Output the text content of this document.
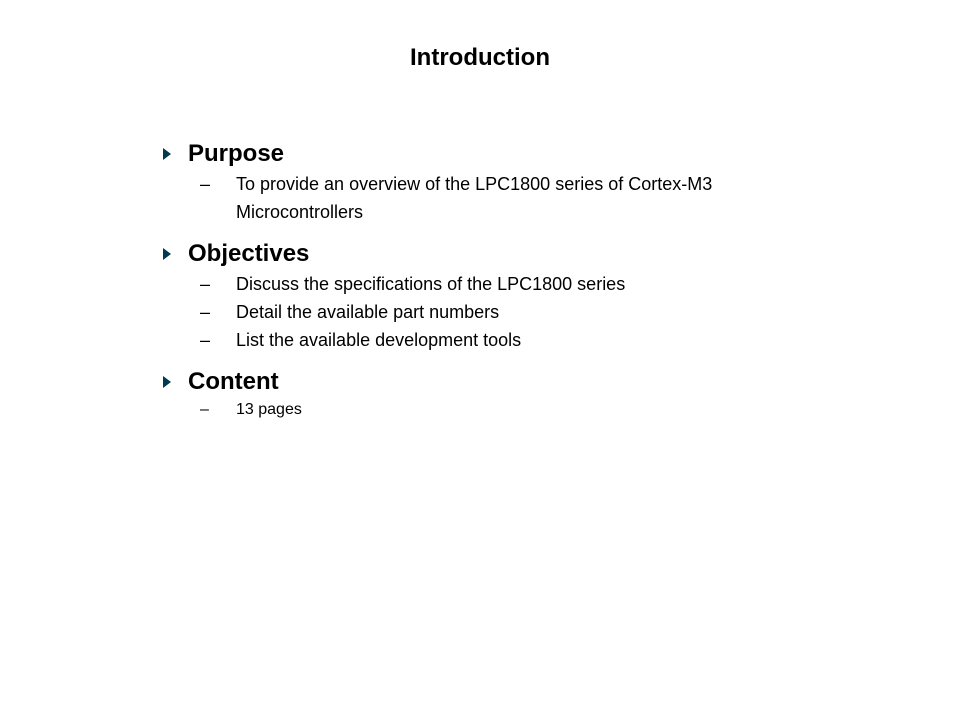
Introduction
Purpose
–	To provide an overview of the LPC1800 series of Cortex-M3 Microcontrollers
Objectives
–	Discuss the specifications of the LPC1800 series
–	Detail the available part numbers
–	List the available development tools
Content
–	13 pages
